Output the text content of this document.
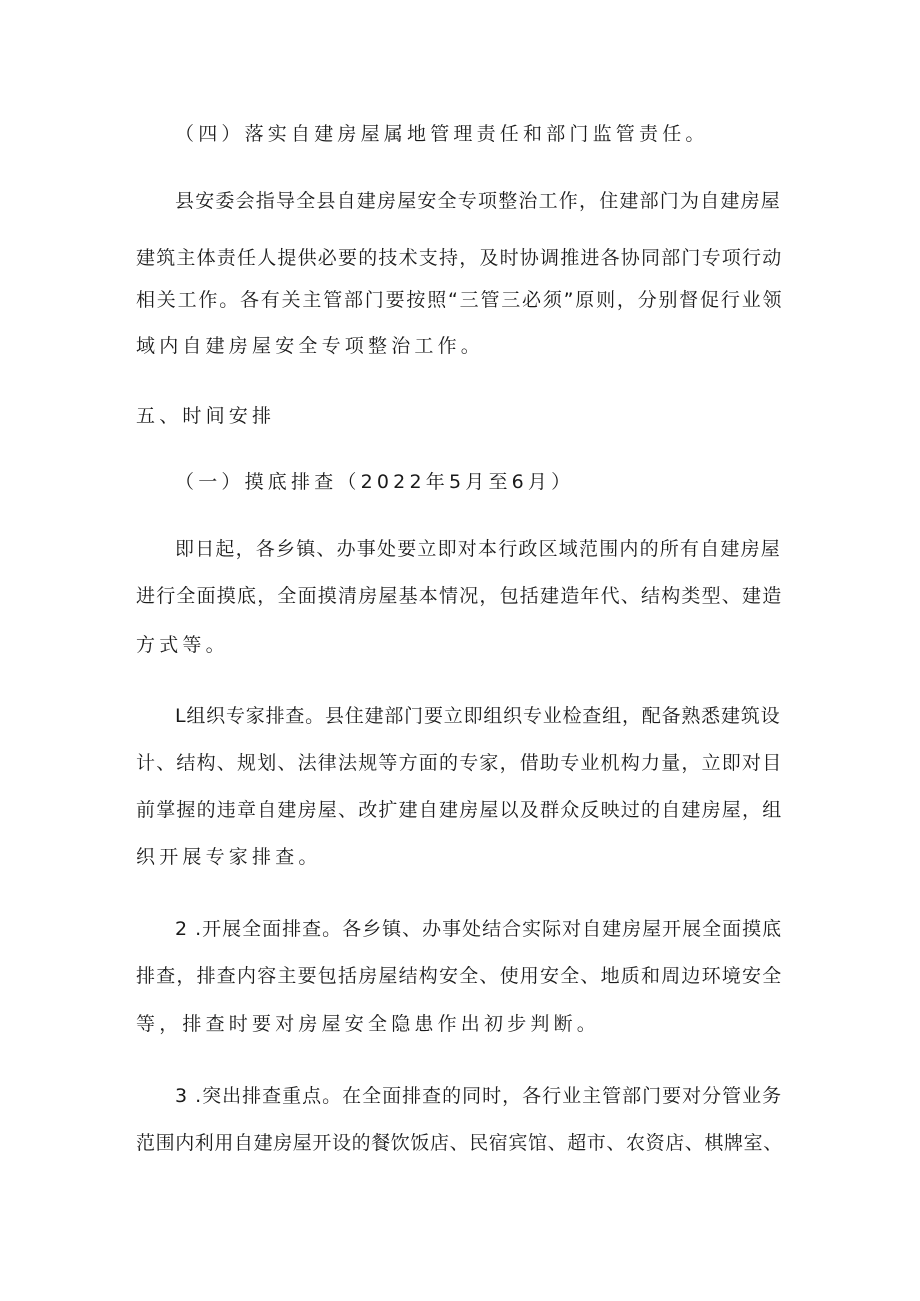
（四）落实自建房屋属地管理责任和部门监管责任。
县安委会指导全县自建房屋安全专项整治工作，住建部门为自建房屋
建筑主体责任人提供必要的技术支持，及时协调推进各协同部门专项行动
相关工作。各有关主管部门要按照“三管三必须”原则，分别督促行业领
域内自建房屋安全专项整治工作。
五、时间安排
（一）摸底排查（2022年5月至6月）
即日起，各乡镇、办事处要立即对本行政区域范围内的所有自建房屋
进行全面摸底，全面摸清房屋基本情况，包括建造年代、结构类型、建造
方式等。
L组织专家排查。县住建部门要立即组织专业检查组，配备熟悉建筑设
计、结构、规划、法律法规等方面的专家，借助专业机构力量，立即对目
前掌握的违章自建房屋、改扩建自建房屋以及群众反映过的自建房屋，组
织开展专家排查。
2 .开展全面排查。各乡镇、办事处结合实际对自建房屋开展全面摸底
排查，排查内容主要包括房屋结构安全、使用安全、地质和周边环境安全
等，排查时要对房屋安全隐患作出初步判断。
3 .突出排查重点。在全面排查的同时，各行业主管部门要对分管业务
范围内利用自建房屋开设的餐饮饭店、民宿宾馆、超市、农资店、棋牌室、
